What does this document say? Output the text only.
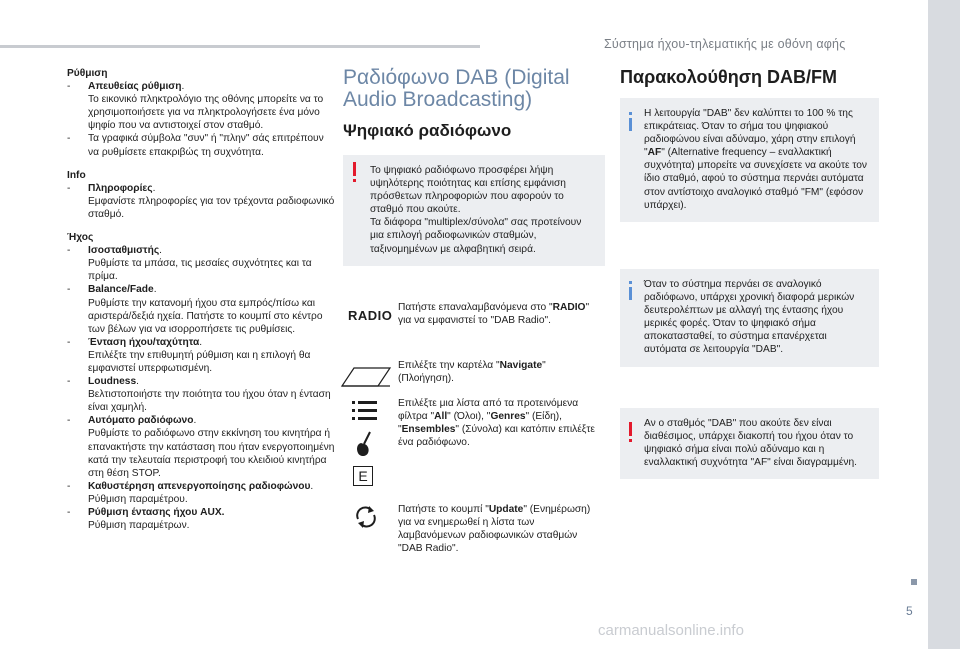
Σύστημα ήχου-τηλεματικής με οθόνη αφής
5
carmanualsonline.info
Ρύθμιση
-	Απευθείας ρύθμιση.
Το εικονικό πληκτρολόγιο της οθόνης μπορείτε να το χρησιμοποιήσετε για να πληκτρολογήσετε ένα μόνο ψηφίο που να αντιστοιχεί στον σταθμό.
-	Τα γραφικά σύμβολα "συν" ή "πλην" σάς επιτρέπουν να ρυθμίσετε επακριβώς τη συχνότητα.
Info
-	Πληροφορίες.
Εμφανίστε πληροφορίες για τον τρέχοντα ραδιοφωνικό σταθμό.
Ήχος
-	Ισοσταθμιστής.
Ρυθμίστε τα μπάσα, τις μεσαίες συχνότητες και τα πρίμα.
-	Balance/Fade.
Ρυθμίστε την κατανομή ήχου στα εμπρός/πίσω και αριστερά/δεξιά ηχεία. Πατήστε το κουμπί στο κέντρο των βέλων για να ισορροπήσετε τις ρυθμίσεις.
-	Ένταση ήχου/ταχύτητα.
Επιλέξτε την επιθυμητή ρύθμιση και η επιλογή θα εμφανιστεί υπερφωτισμένη.
-	Loudness.
Βελτιστοποιήστε την ποιότητα του ήχου όταν η ένταση είναι χαμηλή.
-	Αυτόματο ραδιόφωνο.
Ρυθμίστε το ραδιόφωνο στην εκκίνηση του κινητήρα ή επανακτήστε την κατάσταση που ήταν ενεργοποιημένη κατά την τελευταία περιστροφή του κλειδιού κινητήρα στη θέση STOP.
-	Καθυστέρηση απενεργοποίησης ραδιοφώνου.
Ρύθμιση παραμέτρου.
-	Ρύθμιση έντασης ήχου AUX.
Ρύθμιση παραμέτρων.
Ραδιόφωνο DAB (Digital Audio Broadcasting)
Ψηφιακό ραδιόφωνο
Το ψηφιακό ραδιόφωνο προσφέρει λήψη υψηλότερης ποιότητας και επίσης εμφάνιση πρόσθετων πληροφοριών που αφορούν το σταθμό που ακούτε.
Τα διάφορα "multiplex/σύνολα" σας προτείνουν μια επιλογή ραδιοφωνικών σταθμών, ταξινομημένων με αλφαβητική σειρά.
RADIO
Πατήστε επαναλαμβανόμενα στο "RADIO" για να εμφανιστεί το "DAB Radio".
Επιλέξτε την καρτέλα "Navigate" (Πλοήγηση).
E
Επιλέξτε μια λίστα από τα προτεινόμενα φίλτρα "All" (Όλοι), "Genres" (Είδη), "Ensembles" (Σύνολα) και κατόπιν επιλέξτε ένα ραδιόφωνο.
Πατήστε το κουμπί "Update" (Ενημέρωση) για να ενημερωθεί η λίστα των λαμβανόμενων ραδιοφωνικών σταθμών "DAB Radio".
Παρακολούθηση DAB/FM
Η λειτουργία "DAB" δεν καλύπτει το 100 % της επικράτειας. Όταν το σήμα του ψηφιακού ραδιοφώνου είναι αδύναμο, χάρη στην επιλογή "AF" (Alternative frequency – εναλλακτική συχνότητα) μπορείτε να συνεχίσετε να ακούτε τον ίδιο σταθμό, αφού το σύστημα περνάει αυτόματα στον αντίστοιχο αναλογικό σταθμό "FM" (εφόσον υπάρχει).
Όταν το σύστημα περνάει σε αναλογικό ραδιόφωνο, υπάρχει χρονική διαφορά μερικών δευτερολέπτων με αλλαγή της έντασης ήχου μερικές φορές. Όταν το ψηφιακό σήμα αποκατασταθεί, το σύστημα επανέρχεται αυτόματα σε λειτουργία "DAB".
Αν ο σταθμός "DAB" που ακούτε δεν είναι διαθέσιμος, υπάρχει διακοπή του ήχου όταν το ψηφιακό σήμα είναι πολύ αδύναμο και η εναλλακτική συχνότητα "AF" είναι διαγραμμένη.
